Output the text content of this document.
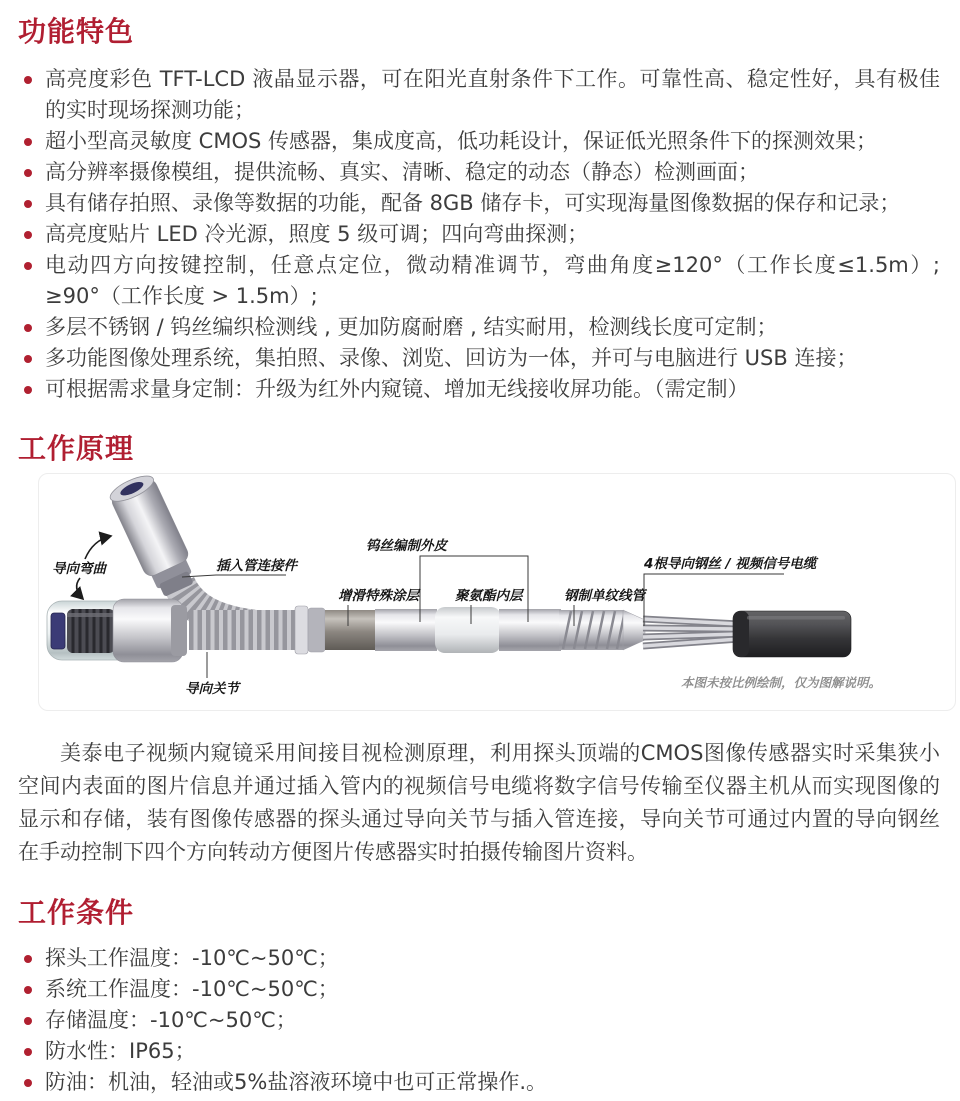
功能特色
高亮度彩色 TFT-LCD 液晶显示器，可在阳光直射条件下工作。可靠性高、稳定性好，具有极佳的实时现场探测功能；
超小型高灵敏度 CMOS 传感器，集成度高，低功耗设计，保证低光照条件下的探测效果；
高分辨率摄像模组，提供流畅、真实、清晰、稳定的动态（静态）检测画面；
具有储存拍照、录像等数据的功能，配备 8GB 储存卡，可实现海量图像数据的保存和记录；
高亮度贴片 LED 冷光源，照度 5 级可调；四向弯曲探测；
电动四方向按键控制，任意点定位，微动精准调节，弯曲角度≥120°（工作长度≤1.5m）; ≥90°（工作长度 > 1.5m）;
多层不锈钢 / 钨丝编织检测线 , 更加防腐耐磨 , 结实耐用，检测线长度可定制；
多功能图像处理系统，集拍照、录像、浏览、回访为一体，并可与电脑进行 USB 连接；
可根据需求量身定制：升级为红外内窥镜、增加无线接收屏功能。（需定制）
工作原理
导向弯曲	插入管连接件
导向关节
钨丝编制外皮
增滑特殊涂层	聚氨酯内层	钢制单纹线管
4根导向钢丝 / 视频信号电缆
本图未按比例绘制，仅为图解说明。

美泰电子视频内窥镜采用间接目视检测原理，利用探头顶端的CMOS图像传感器实时采集狭小空间内表面的图片信息并通过插入管内的视频信号电缆将数字信号传输至仪器主机从而实现图像的显示和存储，装有图像传感器的探头通过导向关节与插入管连接，导向关节可通过内置的导向钢丝在手动控制下四个方向转动方便图片传感器实时拍摄传输图片资料。

工作条件
探头工作温度：-10℃~50℃；
系统工作温度：-10℃~50℃；
存储温度：-10℃~50℃；
防水性：IP65；
防油：机油，轻油或5%盐溶液环境中也可正常操作.。
